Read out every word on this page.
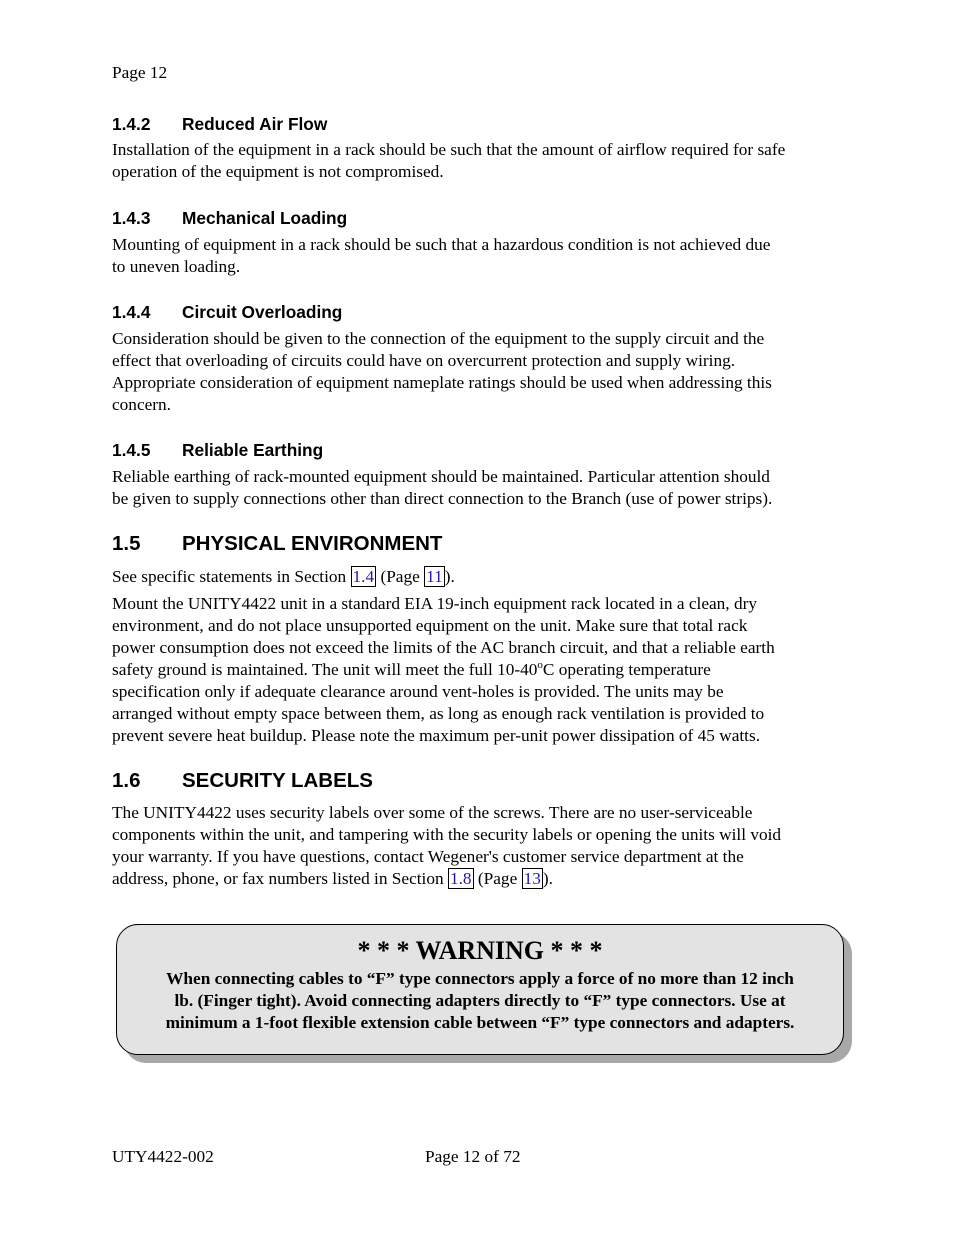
Page 12
1.4.2 Reduced Air Flow
Installation of the equipment in a rack should be such that the amount of airflow required for safe
operation of the equipment is not compromised.
1.4.3 Mechanical Loading
Mounting of equipment in a rack should be such that a hazardous condition is not achieved due
to uneven loading.
1.4.4 Circuit Overloading
Consideration should be given to the connection of the equipment to the supply circuit and the
effect that overloading of circuits could have on overcurrent protection and supply wiring.
Appropriate consideration of equipment nameplate ratings should be used when addressing this
concern.
1.4.5 Reliable Earthing
Reliable earthing of rack-mounted equipment should be maintained. Particular attention should
be given to supply connections other than direct connection to the Branch (use of power strips).
1.5 PHYSICAL ENVIRONMENT
See specific statements in Section 1.4 (Page 11 ).
Mount the UNITY4422 unit in a standard EIA 19-inch equipment rack located in a clean, dry
environment, and do not place unsupported equipment on the unit. Make sure that total rack
power consumption does not exceed the limits of the AC branch circuit, and that a reliable earth
safety ground is maintained. The unit will meet the full 10-40$^o$C operating temperature
specification only if adequate clearance around vent-holes is provided. The units may be
arranged without empty space between them, as long as enough rack ventilation is provided to
prevent severe heat buildup. Please note the maximum per-unit power dissipation of 45 watts.
1.6 SECURITY LABELS
The UNITY4422 uses security labels over some of the screws. There are no user-serviceable
components within the unit, and tampering with the security labels or opening the units will void
your warranty. If you have questions, contact Wegener's customer service department at the
address, phone, or fax numbers listed in Section 1.8 (Page 13 ).
* * * WARNING * * *
When connecting cables to “F” type connectors apply a force of no more than 12 inch
lb. (Finger tight). Avoid connecting adapters directly to “F” type connectors. Use at
minimum a 1-foot flexible extension cable between “F” type connectors and adapters.
UTY4422-002	Page 12 of 72
